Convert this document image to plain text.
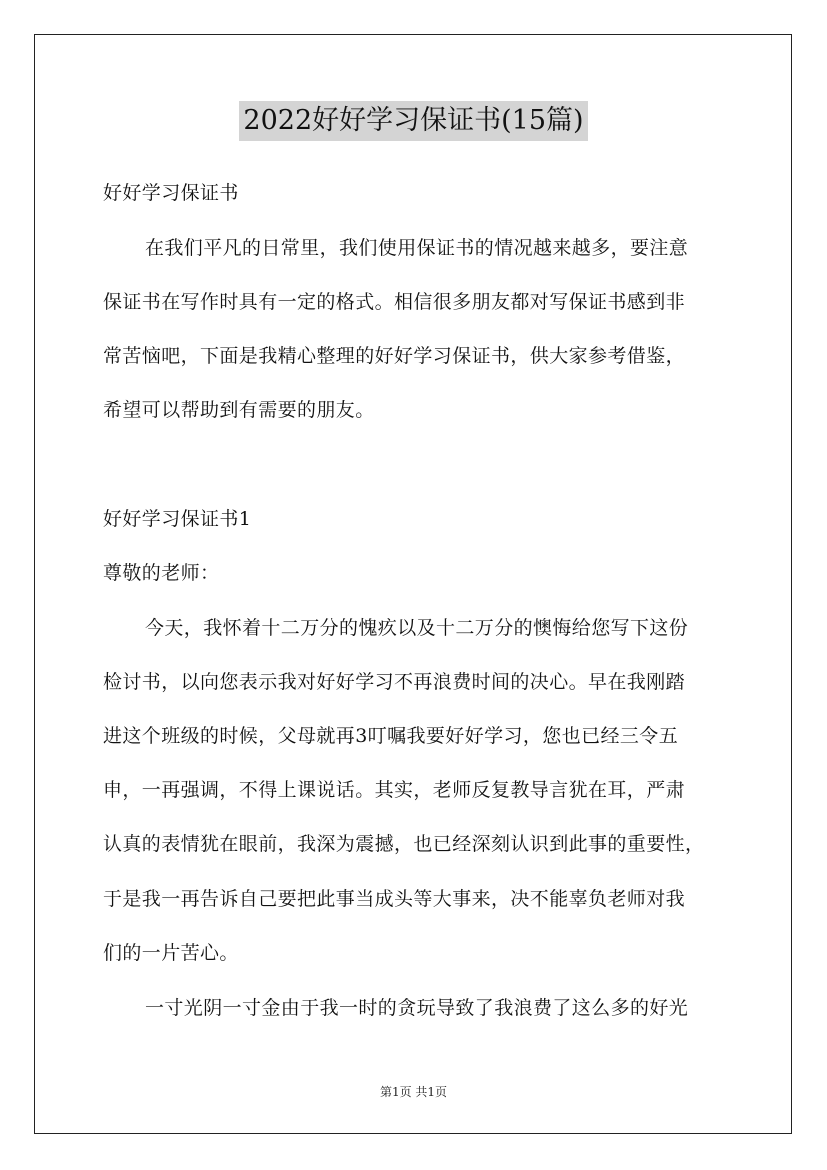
2022好好学习保证书(15篇)
好好学习保证书
在我们平凡的日常里，我们使用保证书的情况越来越多，要注意
保证书在写作时具有一定的格式。相信很多朋友都对写保证书感到非
常苦恼吧，下面是我精心整理的好好学习保证书，供大家参考借鉴，
希望可以帮助到有需要的朋友。
好好学习保证书1
尊敬的老师：
今天，我怀着十二万分的愧疚以及十二万分的懊悔给您写下这份
检讨书，以向您表示我对好好学习不再浪费时间的决心。早在我刚踏
进这个班级的时候，父母就再3叮嘱我要好好学习，您也已经三令五
申，一再强调，不得上课说话。其实，老师反复教导言犹在耳，严肃
认真的表情犹在眼前，我深为震撼，也已经深刻认识到此事的重要性，
于是我一再告诉自己要把此事当成头等大事来，决不能辜负老师对我
们的一片苦心。
一寸光阴一寸金由于我一时的贪玩导致了我浪费了这么多的好光
第1页 共1页
